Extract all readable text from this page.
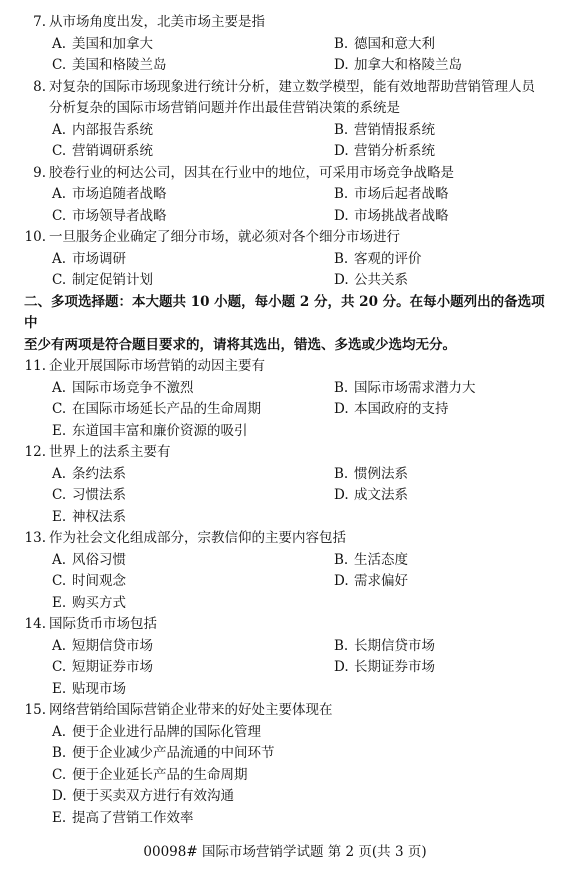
7. 从市场角度出发，北美市场主要是指
A. 美国和加拿大	B. 德国和意大利
C. 美国和格陵兰岛	D. 加拿大和格陵兰岛
8. 对复杂的国际市场现象进行统计分析，建立数学模型，能有效地帮助营销管理人员
分析复杂的国际市场营销问题并作出最佳营销决策的系统是
A. 内部报告系统	B. 营销情报系统
C. 营销调研系统	D. 营销分析系统
9. 胶卷行业的柯达公司，因其在行业中的地位，可采用市场竞争战略是
A. 市场追随者战略	B. 市场后起者战略
C. 市场领导者战略	D. 市场挑战者战略
10. 一旦服务企业确定了细分市场，就必须对各个细分市场进行
A. 市场调研	B. 客观的评价
C. 制定促销计划	D. 公共关系
二、多项选择题：本大题共 10 小题，每小题 2 分，共 20 分。在每小题列出的备选项中
至少有两项是符合题目要求的，请将其选出，错选、多选或少选均无分。
11. 企业开展国际市场营销的动因主要有
A. 国际市场竞争不激烈	B. 国际市场需求潜力大
C. 在国际市场延长产品的生命周期	D. 本国政府的支持
E. 东道国丰富和廉价资源的吸引
12. 世界上的法系主要有
A. 条约法系	B. 惯例法系
C. 习惯法系	D. 成文法系
E. 神权法系
13. 作为社会文化组成部分，宗教信仰的主要内容包括
A. 风俗习惯	B. 生活态度
C. 时间观念	D. 需求偏好
E. 购买方式
14. 国际货币市场包括
A. 短期信贷市场	B. 长期信贷市场
C. 短期证券市场	D. 长期证券市场
E. 贴现市场
15. 网络营销给国际营销企业带来的好处主要体现在
A. 便于企业进行品牌的国际化管理
B. 便于企业减少产品流通的中间环节
C. 便于企业延长产品的生命周期
D. 便于买卖双方进行有效沟通
E. 提高了营销工作效率
00098# 国际市场营销学试题 第 2 页(共 3 页)
